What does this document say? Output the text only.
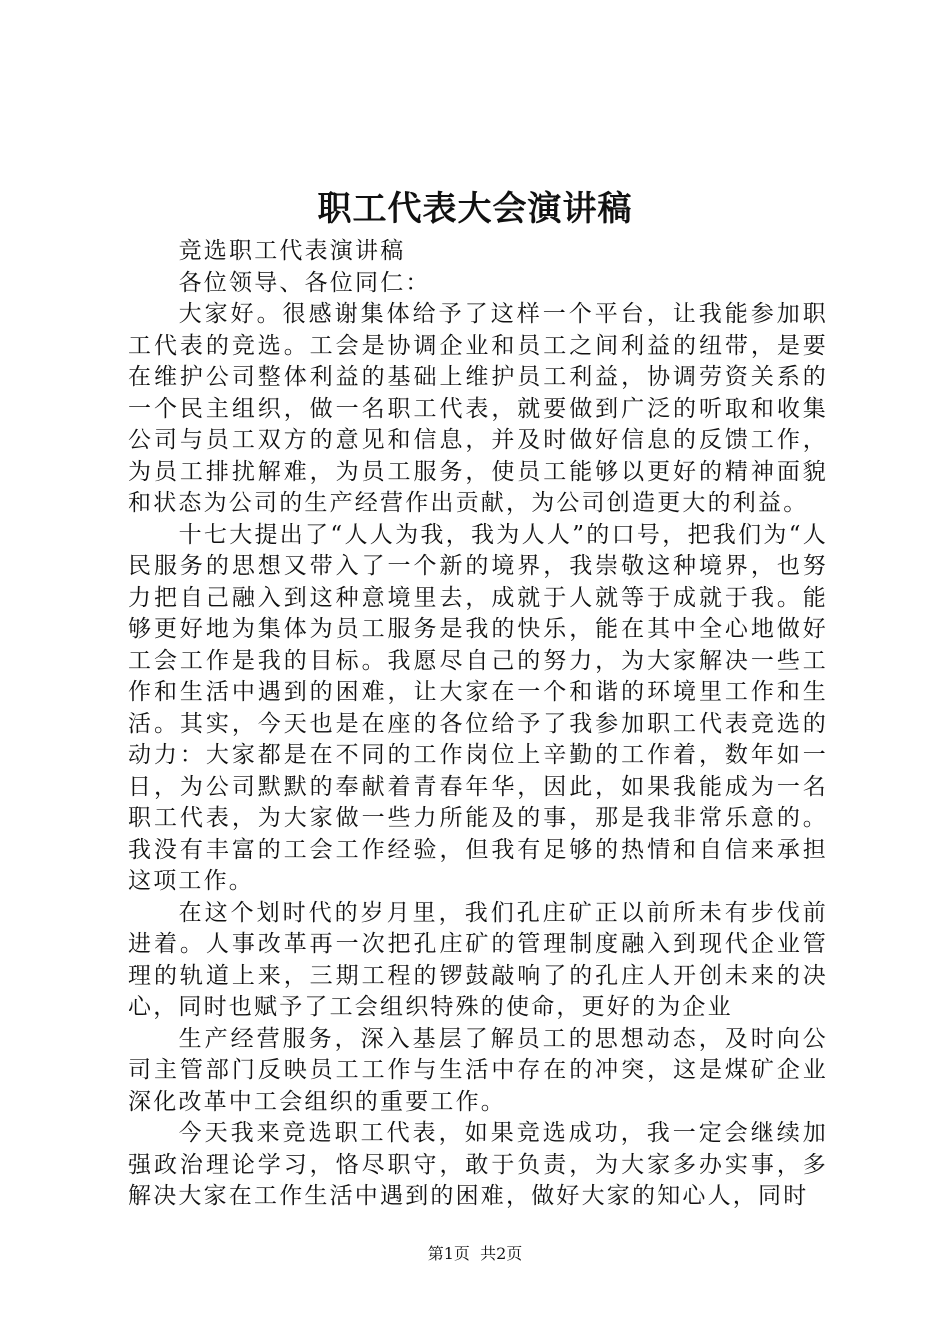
职工代表大会演讲稿

竞选职工代表演讲稿

各位领导、各位同仁：

大家好。很感谢集体给予了这样一个平台，让我能参加职工代表的竞选。工会是协调企业和员工之间利益的纽带，是要在维护公司整体利益的基础上维护员工利益，协调劳资关系的一个民主组织，做一名职工代表，就要做到广泛的听取和收集公司与员工双方的意见和信息，并及时做好信息的反馈工作，为员工排扰解难，为员工服务，使员工能够以更好的精神面貌和状态为公司的生产经营作出贡献，为公司创造更大的利益。

十七大提出了“人人为我，我为人人”的口号，把我们为“人民服务的思想又带入了一个新的境界，我崇敬这种境界，也努力把自己融入到这种意境里去，成就于人就等于成就于我。能够更好地为集体为员工服务是我的快乐，能在其中全心地做好工会工作是我的目标。我愿尽自己的努力，为大家解决一些工作和生活中遇到的困难，让大家在一个和谐的环境里工作和生活。其实，今天也是在座的各位给予了我参加职工代表竞选的动力：大家都是在不同的工作岗位上辛勤的工作着，数年如一日，为公司默默的奉献着青春年华，因此，如果我能成为一名职工代表，为大家做一些力所能及的事，那是我非常乐意的。我没有丰富的工会工作经验，但我有足够的热情和自信来承担这项工作。

在这个划时代的岁月里，我们孔庄矿正以前所未有步伐前进着。人事改革再一次把孔庄矿的管理制度融入到现代企业管理的轨道上来，三期工程的锣鼓敲响了的孔庄人开创未来的决心，同时也赋予了工会组织特殊的使命，更好的为企业

生产经营服务，深入基层了解员工的思想动态，及时向公司主管部门反映员工工作与生活中存在的冲突，这是煤矿企业深化改革中工会组织的重要工作。

今天我来竞选职工代表，如果竞选成功，我一定会继续加强政治理论学习，恪尽职守，敢于负责，为大家多办实事，多解决大家在工作生活中遇到的困难，做好大家的知心人，同时

第1页  共2页
